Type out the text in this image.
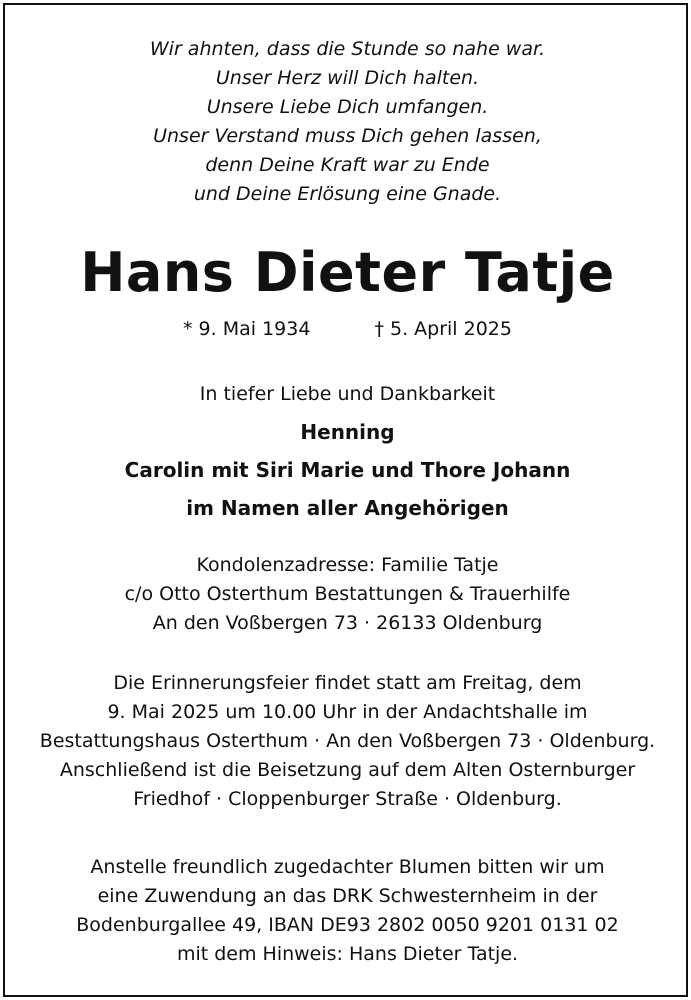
Wir ahnten, dass die Stunde so nahe war.
Unser Herz will Dich halten.
Unsere Liebe Dich umfangen.
Unser Verstand muss Dich gehen lassen,
denn Deine Kraft war zu Ende
und Deine Erlösung eine Gnade.
Hans Dieter Tatje
* 9. Mai 1934	† 5. April 2025
In tiefer Liebe und Dankbarkeit
Henning
Carolin mit Siri Marie und Thore Johann
im Namen aller Angehörigen
Kondolenzadresse: Familie Tatje
c/o Otto Osterthum Bestattungen & Trauerhilfe
An den Voßbergen 73 · 26133 Oldenburg
Die Erinnerungsfeier findet statt am Freitag, dem
9. Mai 2025 um 10.00 Uhr in der Andachtshalle im
Bestattungshaus Osterthum · An den Voßbergen 73 · Oldenburg.
Anschließend ist die Beisetzung auf dem Alten Osternburger
Friedhof · Cloppenburger Straße · Oldenburg.
Anstelle freundlich zugedachter Blumen bitten wir um
eine Zuwendung an das DRK Schwesternheim in der
Bodenburgallee 49, IBAN DE93 2802 0050 9201 0131 02
mit dem Hinweis: Hans Dieter Tatje.
